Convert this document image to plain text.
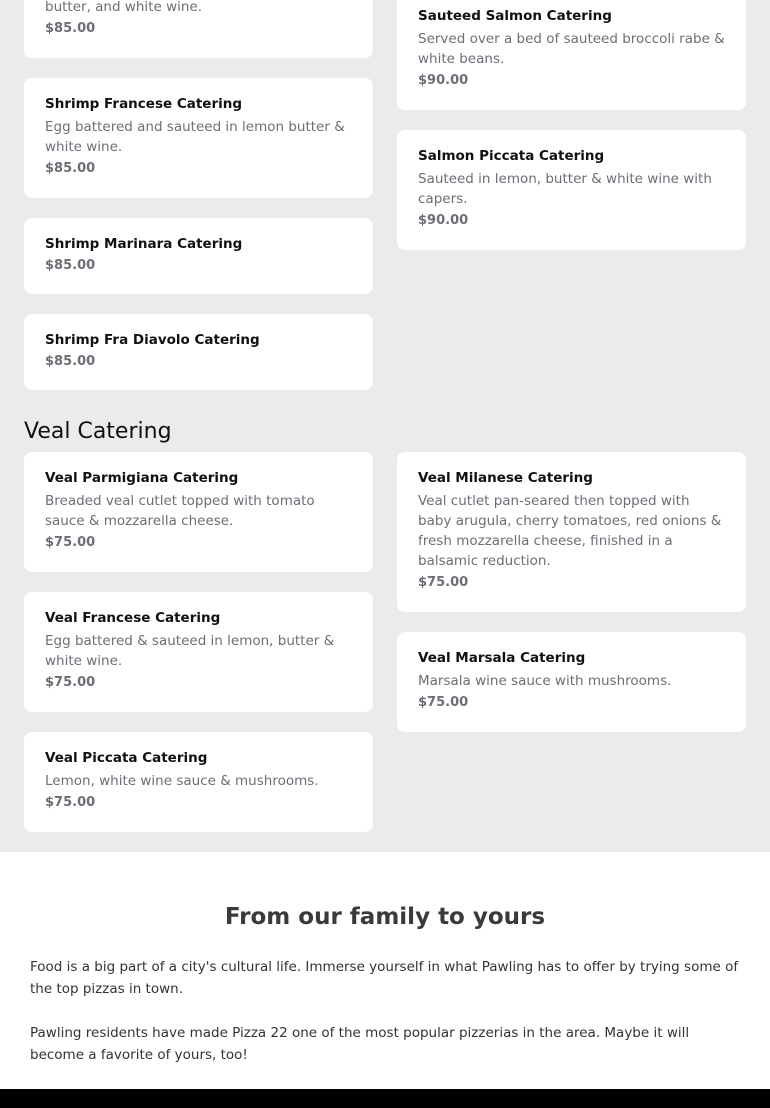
butter, and white wine.
$85.00
Shrimp Francese Catering
Egg battered and sauteed in lemon butter & white wine.
$85.00
Shrimp Marinara Catering
$85.00
Shrimp Fra Diavolo Catering
$85.00
Sauteed Salmon Catering
Served over a bed of sauteed broccoli rabe & white beans.
$90.00
Salmon Piccata Catering
Sauteed in lemon, butter & white wine with capers.
$90.00
Veal Catering
Veal Parmigiana Catering
Breaded veal cutlet topped with tomato sauce & mozzarella cheese.
$75.00
Veal Francese Catering
Egg battered & sauteed in lemon, butter & white wine.
$75.00
Veal Piccata Catering
Lemon, white wine sauce & mushrooms.
$75.00
Veal Milanese Catering
Veal cutlet pan-seared then topped with baby arugula, cherry tomatoes, red onions & fresh mozzarella cheese, finished in a balsamic reduction.
$75.00
Veal Marsala Catering
Marsala wine sauce with mushrooms.
$75.00
From our family to yours

Food is a big part of a city's cultural life. Immerse yourself in what Pawling has to offer by trying some of the top pizzas in town.

Pawling residents have made Pizza 22 one of the most popular pizzerias in the area. Maybe it will become a favorite of yours, too!
